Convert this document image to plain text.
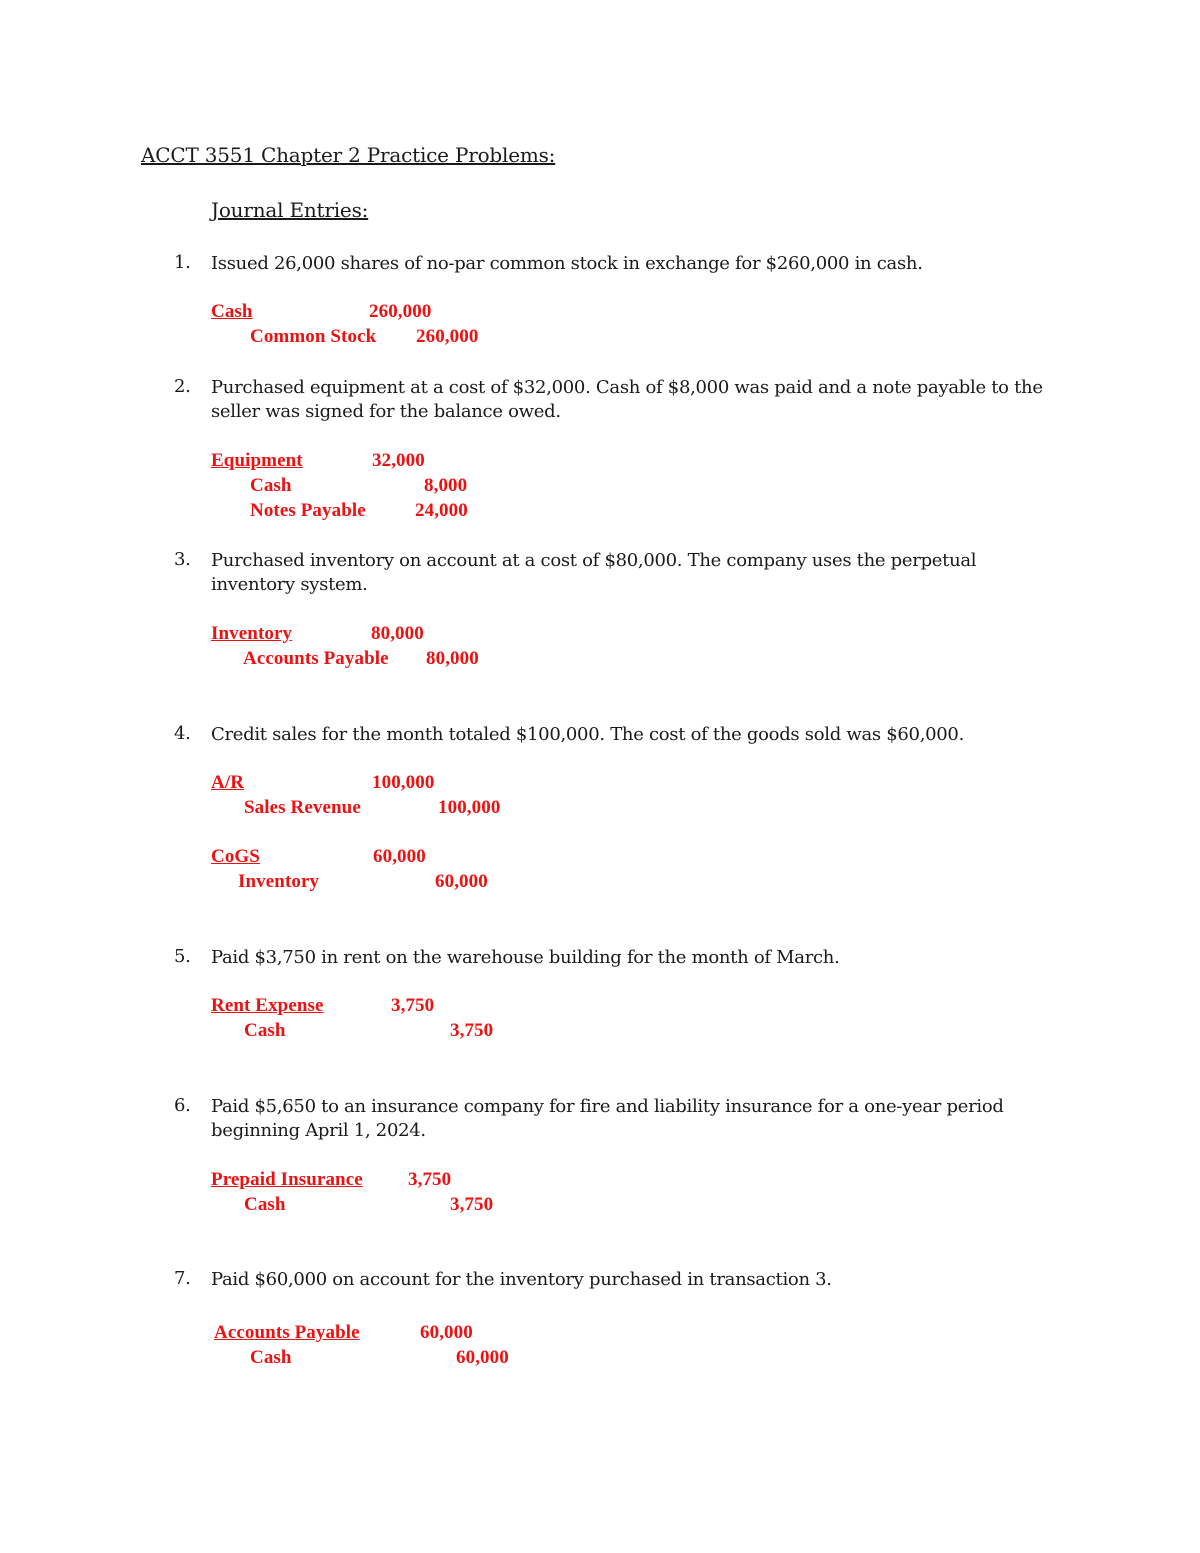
ACCT 3551 Chapter 2 Practice Problems:
Journal Entries:
1. Issued 26,000 shares of no-par common stock in exchange for $260,000 in cash.
Cash	260,000
Common Stock 260,000
2. Purchased equipment at a cost of $32,000. Cash of $8,000 was paid and a note payable to the seller was signed for the balance owed.
Equipment	32,000
Cash	8,000
Notes Payable	24,000
3. Purchased inventory on account at a cost of $80,000. The company uses the perpetual inventory system.
Inventory	80,000
Accounts Payable 80,000
4. Credit sales for the month totaled $100,000. The cost of the goods sold was $60,000.
A/R	100,000
Sales Revenue	100,000
CoGS	60,000
Inventory	60,000
5. Paid $3,750 in rent on the warehouse building for the month of March.
Rent Expense	3,750
Cash	3,750
6. Paid $5,650 to an insurance company for fire and liability insurance for a one-year period beginning April 1, 2024.
Prepaid Insurance 3,750
Cash	3,750
7. Paid $60,000 on account for the inventory purchased in transaction 3.
Accounts Payable	60,000
Cash	60,000
